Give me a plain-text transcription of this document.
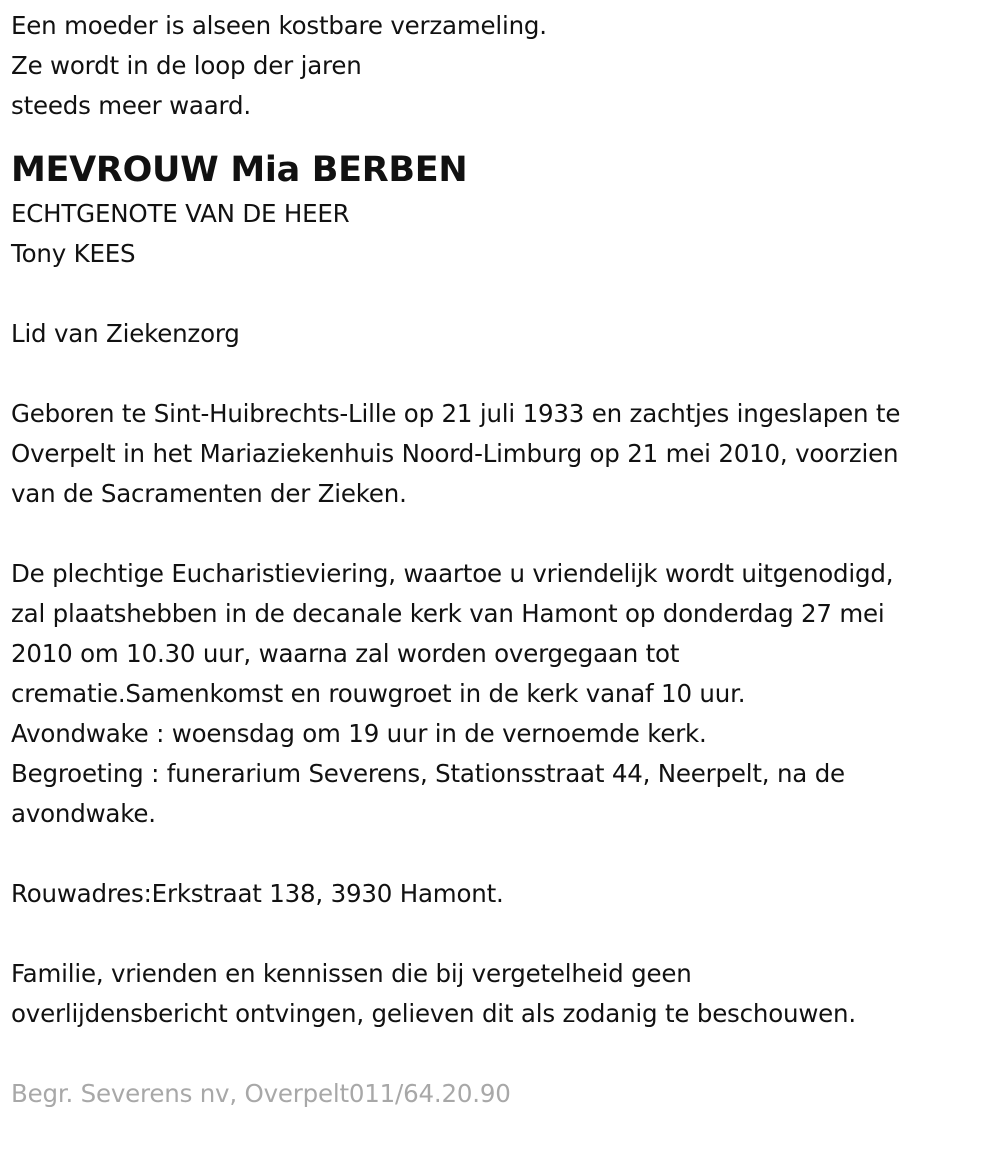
Een moeder is alseen kostbare verzameling.
Ze wordt in de loop der jaren
steeds meer waard.
MEVROUW Mia BERBEN
ECHTGENOTE VAN DE HEER
Tony KEES
Lid van Ziekenzorg
Geboren te Sint-Huibrechts-Lille op 21 juli 1933 en zachtjes ingeslapen te
Overpelt in het Mariaziekenhuis Noord-Limburg op 21 mei 2010, voorzien
van de Sacramenten der Zieken.
De plechtige Eucharistieviering, waartoe u vriendelijk wordt uitgenodigd,
zal plaatshebben in de decanale kerk van Hamont op donderdag 27 mei
2010 om 10.30 uur, waarna zal worden overgegaan tot
crematie.Samenkomst en rouwgroet in de kerk vanaf 10 uur.
Avondwake : woensdag om 19 uur in de vernoemde kerk.
Begroeting : funerarium Severens, Stationsstraat 44, Neerpelt, na de
avondwake.
Rouwadres:Erkstraat 138, 3930 Hamont.
Familie, vrienden en kennissen die bij vergetelheid geen
overlijdensbericht ontvingen, gelieven dit als zodanig te beschouwen.
Begr. Severens nv, Overpelt011/64.20.90
